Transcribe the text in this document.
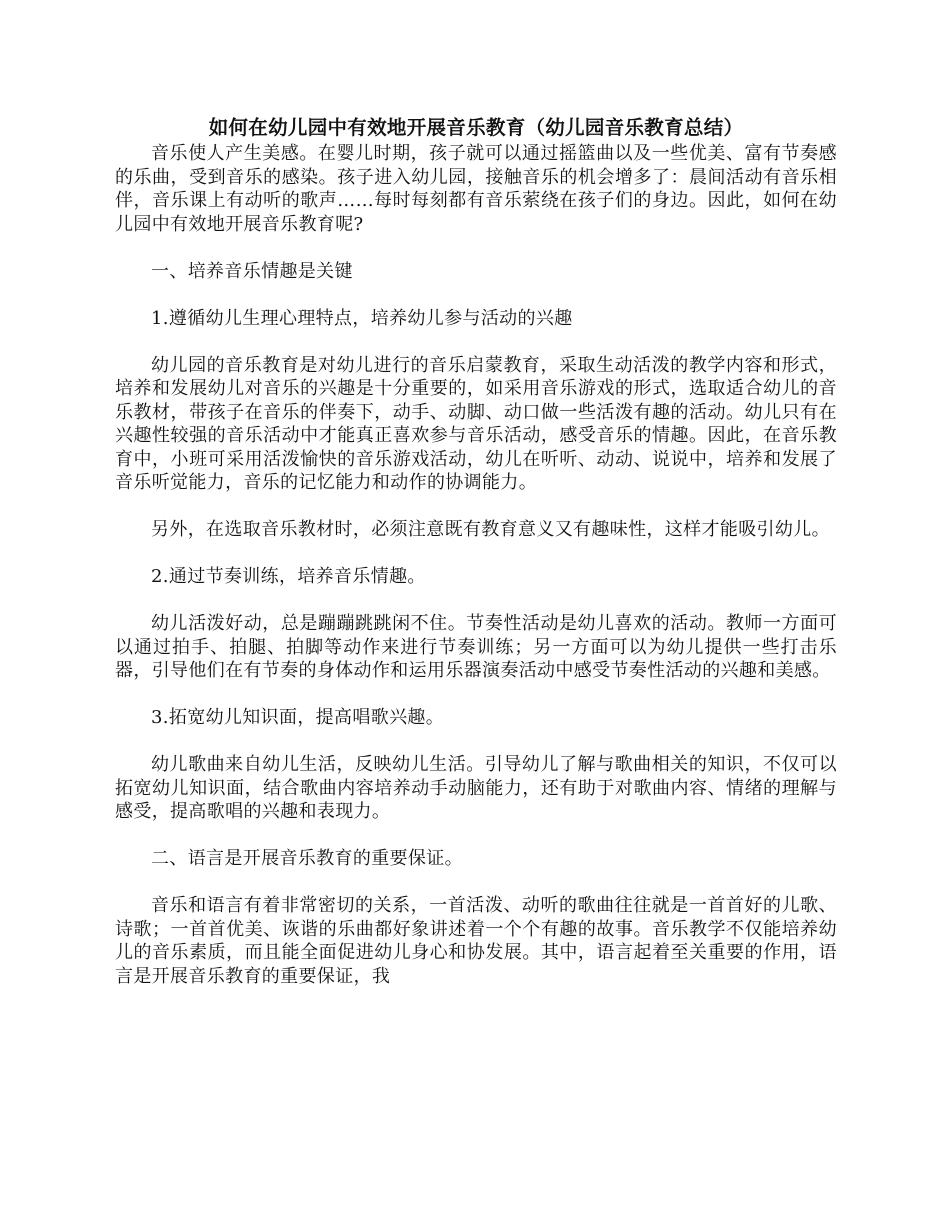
如何在幼儿园中有效地开展音乐教育（幼儿园音乐教育总结）

音乐使人产生美感。在婴儿时期，孩子就可以通过摇篮曲以及一些优美、富有节奏感的乐曲，受到音乐的感染。孩子进入幼儿园，接触音乐的机会增多了：晨间活动有音乐相伴，音乐课上有动听的歌声……每时每刻都有音乐萦绕在孩子们的身边。因此，如何在幼儿园中有效地开展音乐教育呢?

一、培养音乐情趣是关键

1.遵循幼儿生理心理特点，培养幼儿参与活动的兴趣

幼儿园的音乐教育是对幼儿进行的音乐启蒙教育，采取生动活泼的教学内容和形式，培养和发展幼儿对音乐的兴趣是十分重要的，如采用音乐游戏的形式，选取适合幼儿的音乐教材，带孩子在音乐的伴奏下，动手、动脚、动口做一些活泼有趣的活动。幼儿只有在兴趣性较强的音乐活动中才能真正喜欢参与音乐活动，感受音乐的情趣。因此，在音乐教育中，小班可采用活泼愉快的音乐游戏活动，幼儿在听听、动动、说说中，培养和发展了音乐听觉能力，音乐的记忆能力和动作的协调能力。

另外，在选取音乐教材时，必须注意既有教育意义又有趣味性，这样才能吸引幼儿。

2.通过节奏训练，培养音乐情趣。

幼儿活泼好动，总是蹦蹦跳跳闲不住。节奏性活动是幼儿喜欢的活动。教师一方面可以通过拍手、拍腿、拍脚等动作来进行节奏训练；另一方面可以为幼儿提供一些打击乐器，引导他们在有节奏的身体动作和运用乐器演奏活动中感受节奏性活动的兴趣和美感。

3.拓宽幼儿知识面，提高唱歌兴趣。

幼儿歌曲来自幼儿生活，反映幼儿生活。引导幼儿了解与歌曲相关的知识，不仅可以拓宽幼儿知识面，结合歌曲内容培养动手动脑能力，还有助于对歌曲内容、情绪的理解与感受，提高歌唱的兴趣和表现力。

二、语言是开展音乐教育的重要保证。

音乐和语言有着非常密切的关系，一首活泼、动听的歌曲往往就是一首首好的儿歌、诗歌；一首首优美、诙谐的乐曲都好象讲述着一个个有趣的故事。音乐教学不仅能培养幼儿的音乐素质，而且能全面促进幼儿身心和协发展。其中，语言起着至关重要的作用，语言是开展音乐教育的重要保证，我
